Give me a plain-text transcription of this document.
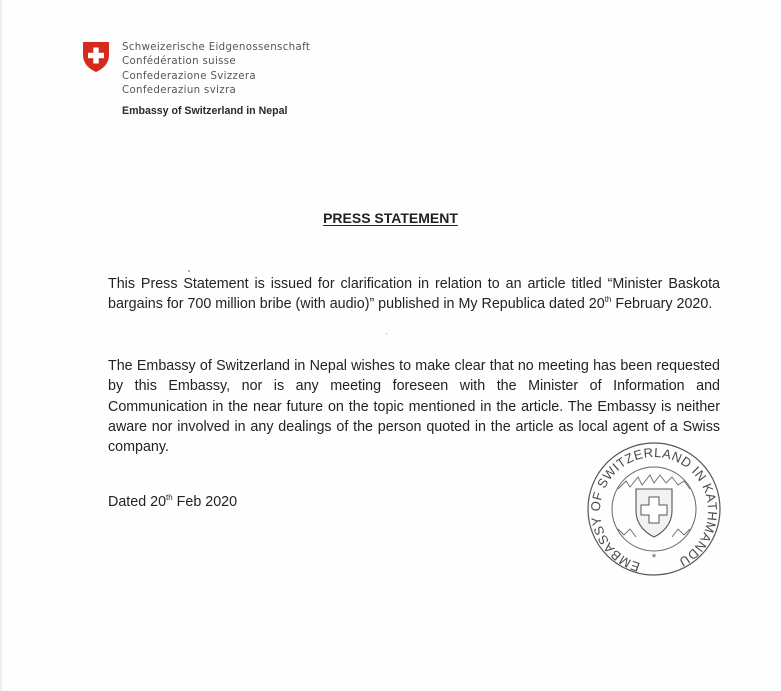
Schweizerische Eidgenossenschaft
Confédération suisse
Confederazione Svizzera
Confederaziun svizra
Embassy of Switzerland in Nepal
PRESS STATEMENT
This Press Statement is issued for clarification in relation to an article titled “Minister Baskota bargains for 700 million bribe (with audio)” published in My Republica dated 20th February 2020.
The Embassy of Switzerland in Nepal wishes to make clear that no meeting has been requested by this Embassy, nor is any meeting foreseen with the Minister of Information and Communication in the near future on the topic mentioned in the article. The Embassy is neither aware nor involved in any dealings of the person quoted in the article as local agent of a Swiss company.
Dated 20th Feb 2020
EMBASSY OF SWITZERLAND IN KATHMANDU
*
